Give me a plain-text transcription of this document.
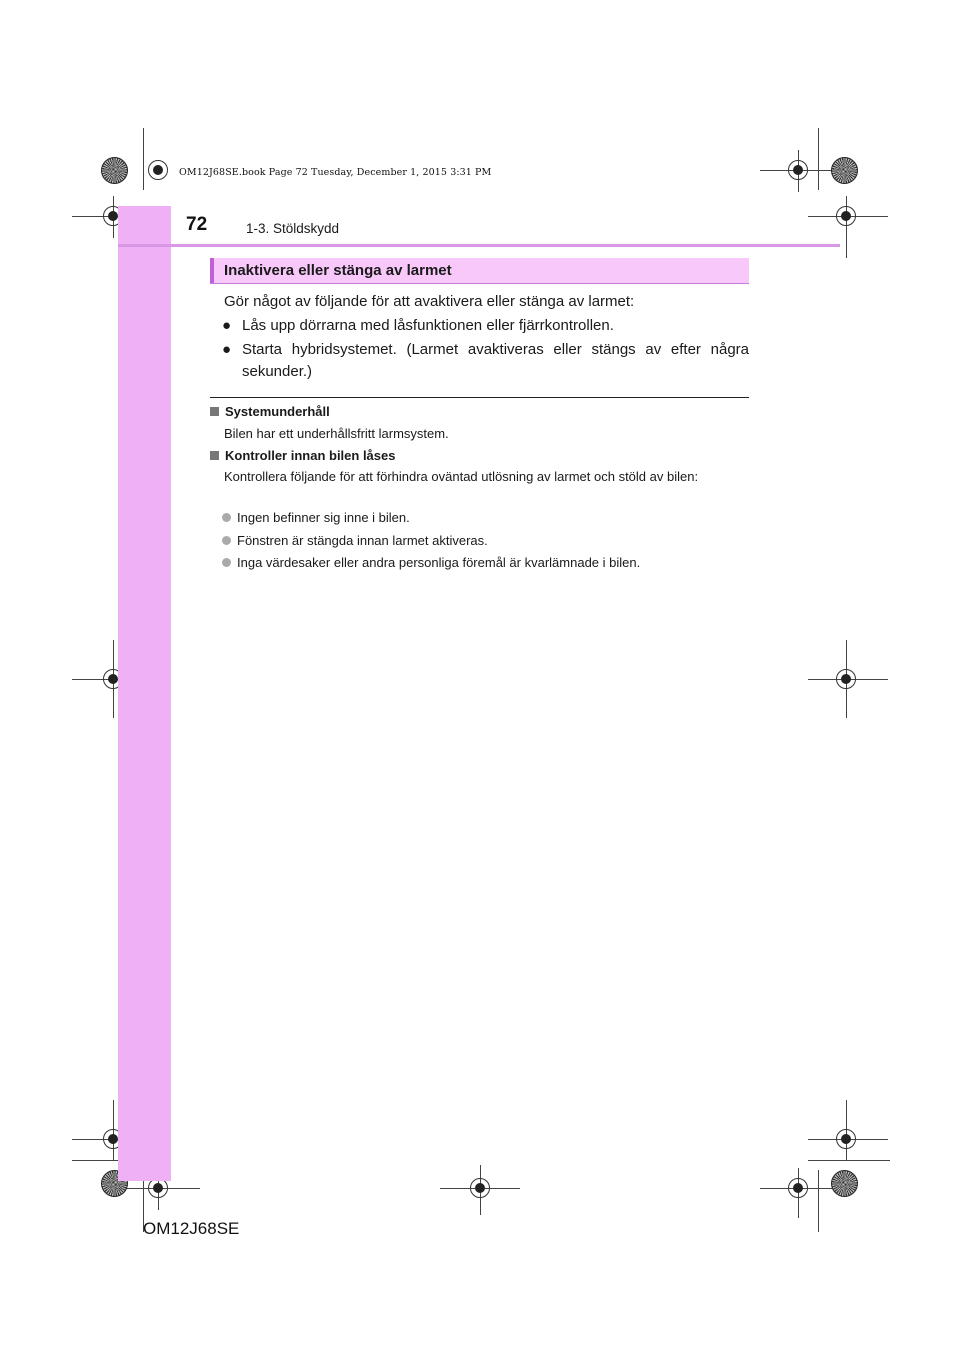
OM12J68SE.book Page 72 Tuesday, December 1, 2015 3:31 PM
72	1-3. Stöldskydd
Inaktivera eller stänga av larmet
Gör något av följande för att avaktivera eller stänga av larmet:
● Lås upp dörrarna med låsfunktionen eller fjärrkontrollen.
● Starta hybridsystemet. (Larmet avaktiveras eller stängs av efter några sekunder.)
Systemunderhåll
Bilen har ett underhållsfritt larmsystem.
Kontroller innan bilen låses
Kontrollera följande för att förhindra oväntad utlösning av larmet och stöld av bilen:
Ingen befinner sig inne i bilen.
Fönstren är stängda innan larmet aktiveras.
Inga värdesaker eller andra personliga föremål är kvarlämnade i bilen.
OM12J68SE
